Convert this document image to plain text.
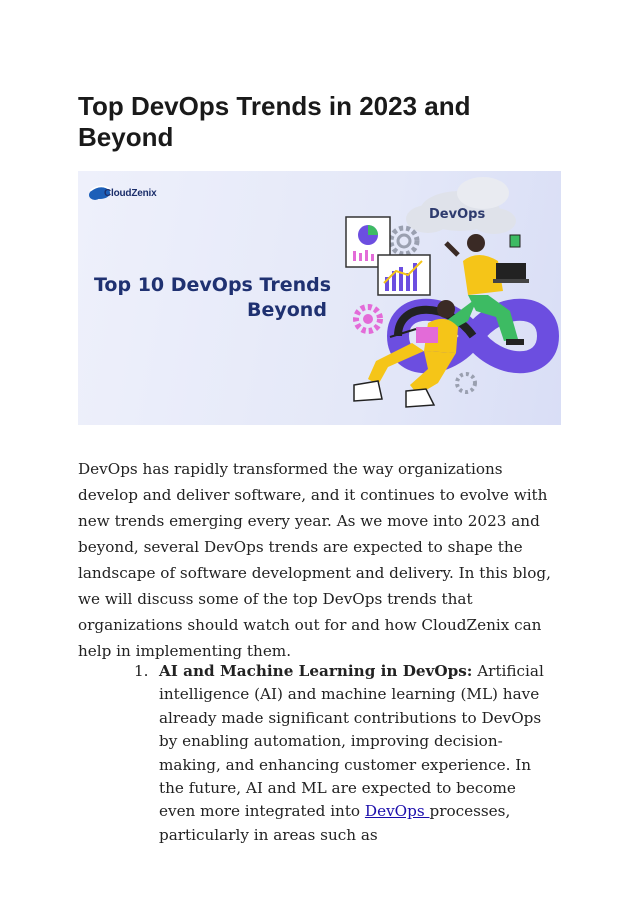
Top DevOps Trends in 2023 and Beyond
CloudZenix
Top 10 DevOps Trends
Beyond
DevOps

DevOps has rapidly transformed the way organizations develop and deliver software, and it continues to evolve with new trends emerging every year. As we move into 2023 and beyond, several DevOps trends are expected to shape the landscape of software development and delivery. In this blog, we will discuss some of the top DevOps trends that organizations should watch out for and how CloudZenix can help in implementing them.

1. AI and Machine Learning in DevOps: Artificial intelligence (AI) and machine learning (ML) have already made significant contributions to DevOps by enabling automation, improving decision-making, and enhancing customer experience. In the future, AI and ML are expected to become even more integrated into DevOps processes, particularly in areas such as
